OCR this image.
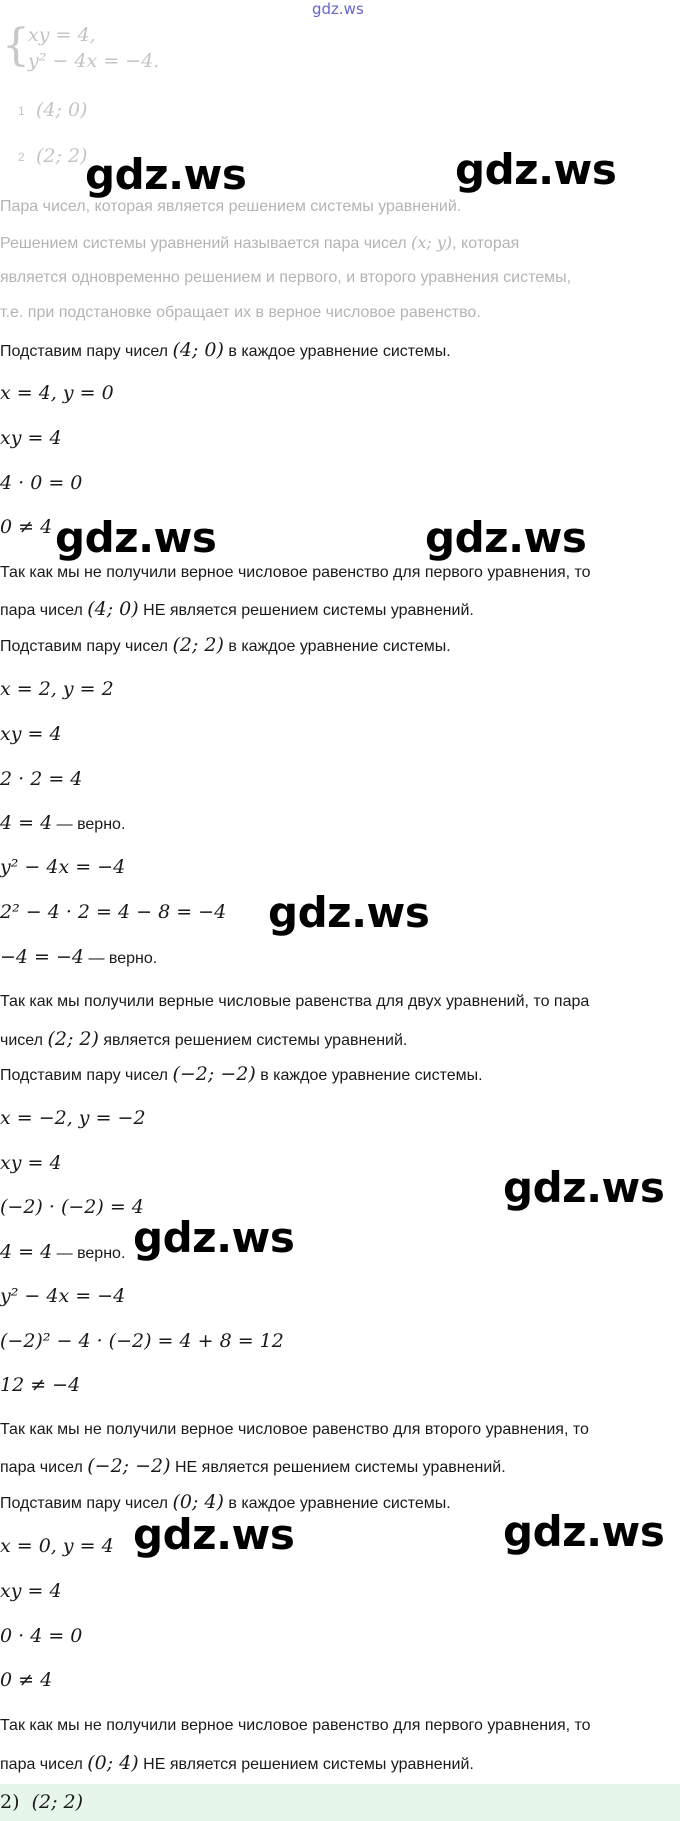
gdz.ws
{
xy = 4,
y² − 4x = −4.
1 (4; 0)
2 (2; 2)
Пара чисел, которая является решением системы уравнений.
Решением системы уравнений называется пара чисел (x; y), которая
является одновременно решением и первого, и второго уравнения системы,
т.е. при подстановке обращает их в верное числовое равенство.
Подставим пару чисел (4; 0) в каждое уравнение системы.
x = 4, y = 0
xy = 4
4 · 0 = 0
0 ≠ 4
Так как мы не получили верное числовое равенство для первого уравнения, то
пара чисел (4; 0) НЕ является решением системы уравнений.
Подставим пару чисел (2; 2) в каждое уравнение системы.
x = 2, y = 2
xy = 4
2 · 2 = 4
4 = 4 — верно.
y² − 4x = −4
2² − 4 · 2 = 4 − 8 = −4
−4 = −4 — верно.
Так как мы получили верные числовые равенства для двух уравнений, то пара
чисел (2; 2) является решением системы уравнений.
Подставим пару чисел (−2; −2) в каждое уравнение системы.
x = −2, y = −2
xy = 4
(−2) · (−2) = 4
4 = 4 — верно.
y² − 4x = −4
(−2)² − 4 · (−2) = 4 + 8 = 12
12 ≠ −4
Так как мы не получили верное числовое равенство для второго уравнения, то
пара чисел (−2; −2) НЕ является решением системы уравнений.
Подставим пару чисел (0; 4) в каждое уравнение системы.
x = 0, y = 4
xy = 4
0 · 4 = 0
0 ≠ 4
Так как мы не получили верное числовое равенство для первого уравнения, то
пара чисел (0; 4) НЕ является решением системы уравнений.
2) (2; 2)
gdz.ws	gdz.ws
gdz.ws	gdz.ws
gdz.ws
gdz.ws
gdz.ws
gdz.ws	gdz.ws
